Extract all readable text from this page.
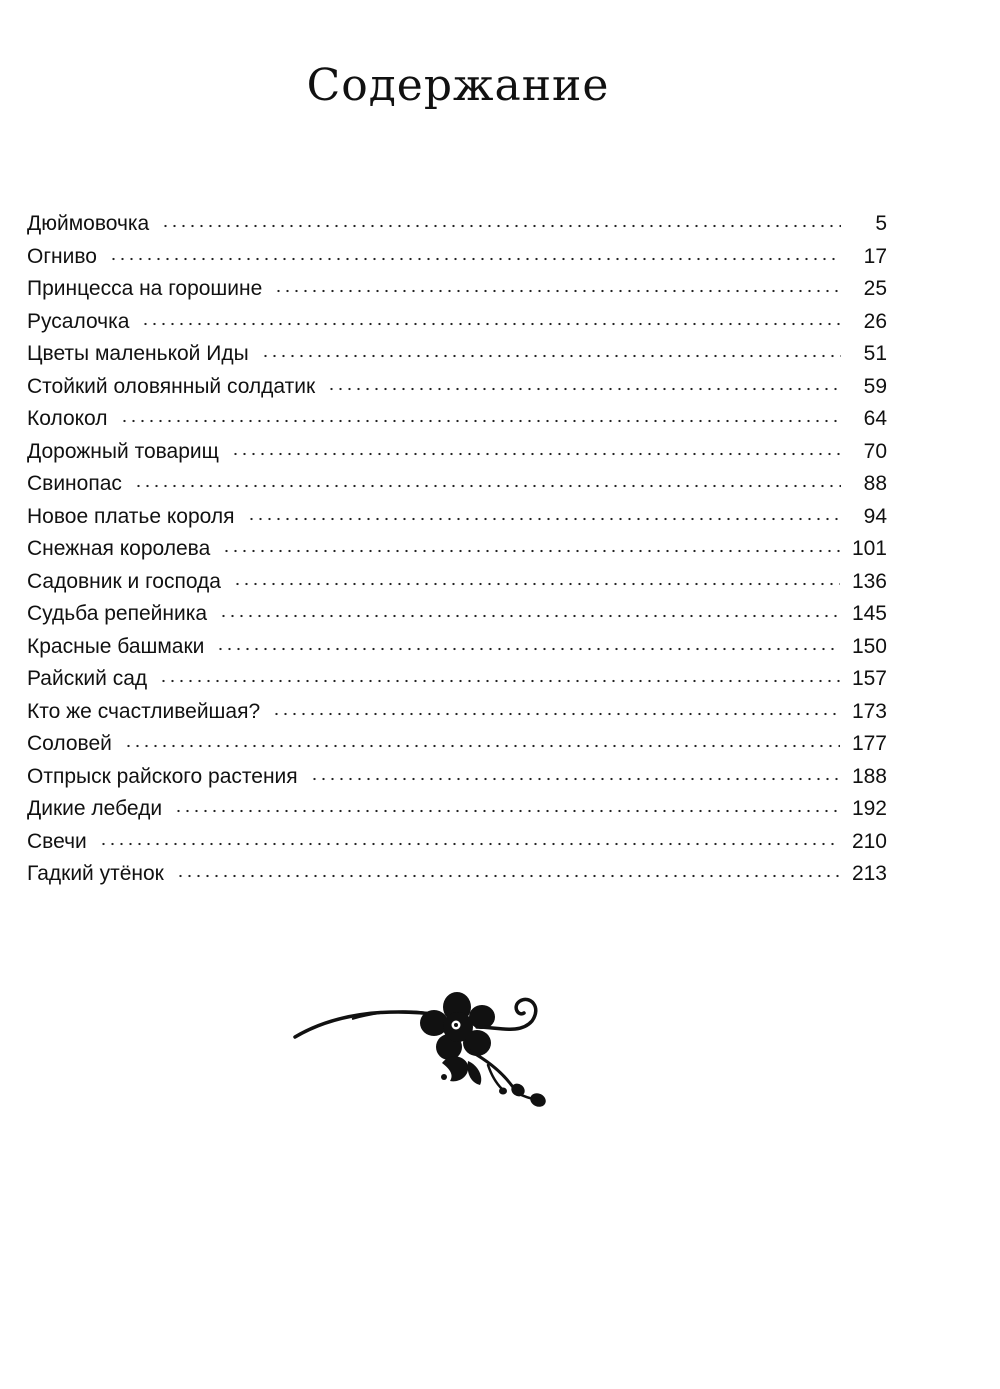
Содержание
Дюймовочка	5
Огниво	17
Принцесса на горошине	25
Русалочка	26
Цветы маленькой Иды	51
Стойкий оловянный солдатик	59
Колокол	64
Дорожный товарищ	70
Свинопас	88
Новое платье короля	94
Снежная королева	101
Садовник и господа	136
Судьба репейника	145
Красные башмаки	150
Райский сад	157
Кто же счастливейшая?	173
Соловей	177
Отпрыск райского растения	188
Дикие лебеди	192
Свечи	210
Гадкий утёнок	213
